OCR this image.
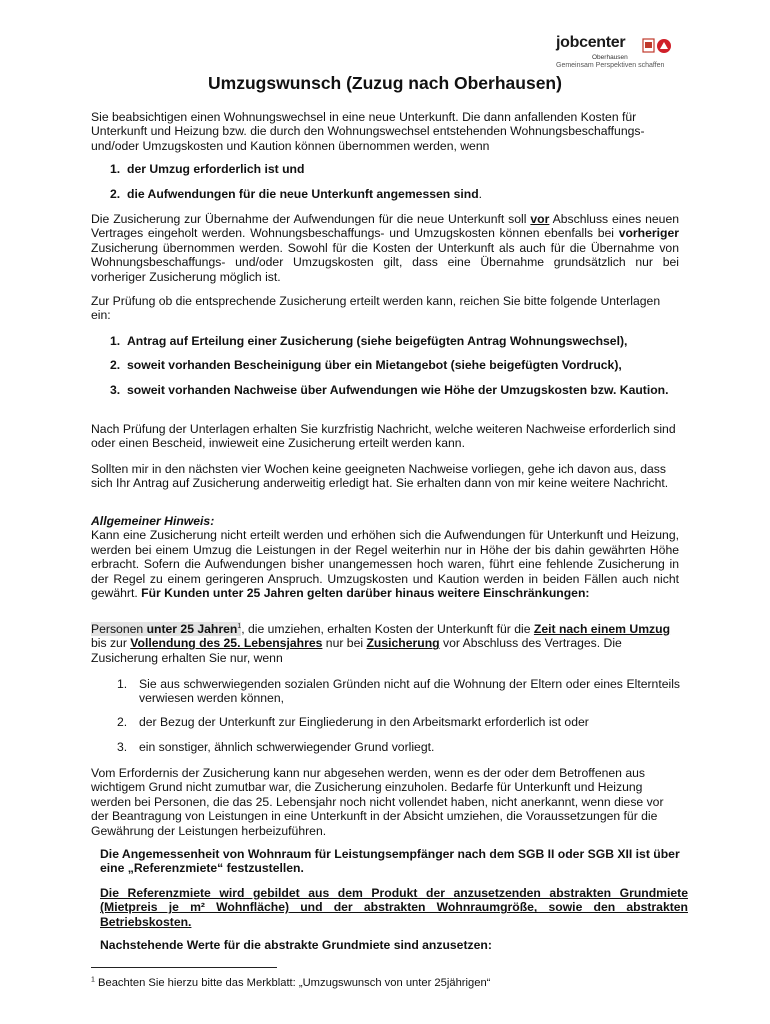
jobcenter
Oberhausen
Gemeinsam Perspektiven schaffen
Umzugswunsch (Zuzug nach Oberhausen)

Sie beabsichtigen einen Wohnungswechsel in eine neue Unterkunft. Die dann anfallenden Kosten für Unterkunft und Heizung bzw. die durch den Wohnungswechsel entstehenden Wohnungsbeschaffungs- und/oder Umzugskosten und Kaution können übernommen werden, wenn

1. der Umzug erforderlich ist und
2. die Aufwendungen für die neue Unterkunft angemessen sind.

Die Zusicherung zur Übernahme der Aufwendungen für die neue Unterkunft soll vor Abschluss eines neuen Vertrages eingeholt werden. Wohnungsbeschaffungs- und Umzugskosten können ebenfalls bei vorheriger Zusicherung übernommen werden. Sowohl für die Kosten der Unterkunft als auch für die Übernahme von Wohnungsbeschaffungs- und/oder Umzugskosten gilt, dass eine Übernahme grundsätzlich nur bei vorheriger Zusicherung möglich ist.

Zur Prüfung ob die entsprechende Zusicherung erteilt werden kann, reichen Sie bitte folgende Unterlagen ein:

1. Antrag auf Erteilung einer Zusicherung (siehe beigefügten Antrag Wohnungswechsel),
2. soweit vorhanden Bescheinigung über ein Mietangebot (siehe beigefügten Vordruck),
3. soweit vorhanden Nachweise über Aufwendungen wie Höhe der Umzugskosten bzw. Kaution.

Nach Prüfung der Unterlagen erhalten Sie kurzfristig Nachricht, welche weiteren Nachweise erforderlich sind oder einen Bescheid, inwieweit eine Zusicherung erteilt werden kann.

Sollten mir in den nächsten vier Wochen keine geeigneten Nachweise vorliegen, gehe ich davon aus, dass sich Ihr Antrag auf Zusicherung anderweitig erledigt hat. Sie erhalten dann von mir keine weitere Nachricht.

Allgemeiner Hinweis:
Kann eine Zusicherung nicht erteilt werden und erhöhen sich die Aufwendungen für Unterkunft und Heizung, werden bei einem Umzug die Leistungen in der Regel weiterhin nur in Höhe der bis dahin gewährten Höhe erbracht. Sofern die Aufwendungen bisher unangemessen hoch waren, führt eine fehlende Zusicherung in der Regel zu einem geringeren Anspruch. Umzugskosten und Kaution werden in beiden Fällen auch nicht gewährt. Für Kunden unter 25 Jahren gelten darüber hinaus weitere Einschränkungen:

Personen unter 25 Jahren$^1$, die umziehen, erhalten Kosten der Unterkunft für die Zeit nach einem Umzug bis zur Vollendung des 25. Lebensjahres nur bei Zusicherung vor Abschluss des Vertrages. Die Zusicherung erhalten Sie nur, wenn

1. Sie aus schwerwiegenden sozialen Gründen nicht auf die Wohnung der Eltern oder eines Elternteils verwiesen werden können,
2. der Bezug der Unterkunft zur Eingliederung in den Arbeitsmarkt erforderlich ist oder
3. ein sonstiger, ähnlich schwerwiegender Grund vorliegt.

Vom Erfordernis der Zusicherung kann nur abgesehen werden, wenn es der oder dem Betroffenen aus wichtigem Grund nicht zumutbar war, die Zusicherung einzuholen. Bedarfe für Unterkunft und Heizung werden bei Personen, die das 25. Lebensjahr noch nicht vollendet haben, nicht anerkannt, wenn diese vor der Beantragung von Leistungen in eine Unterkunft in der Absicht umziehen, die Voraussetzungen für die Gewährung der Leistungen herbeizuführen.

Die Angemessenheit von Wohnraum für Leistungsempfänger nach dem SGB II oder SGB XII ist über eine „Referenzmiete“ festzustellen.

Die Referenzmiete wird gebildet aus dem Produkt der anzusetzenden abstrakten Grundmiete (Mietpreis je m² Wohnfläche) und der abstrakten Wohnraumgröße, sowie den abstrakten Betriebskosten.

Nachstehende Werte für die abstrakte Grundmiete sind anzusetzen:

$^1$ Beachten Sie hierzu bitte das Merkblatt: „Umzugswunsch von unter 25jährigen“
